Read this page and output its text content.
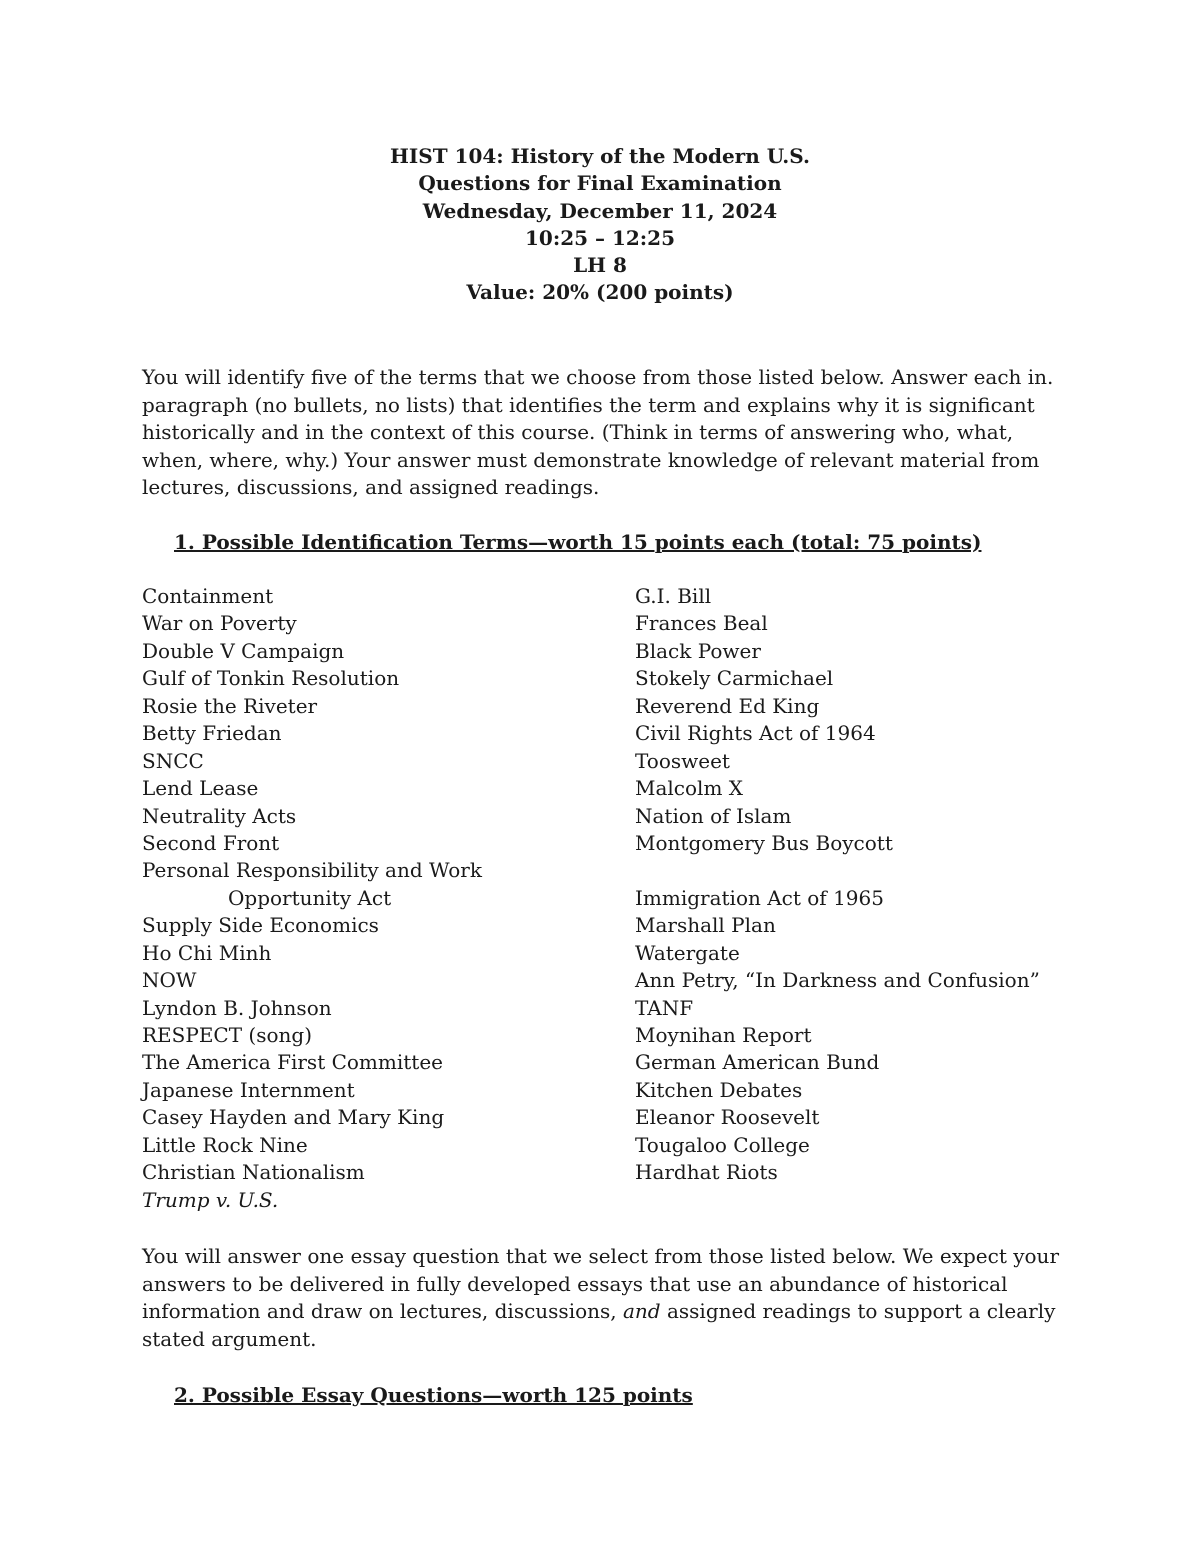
HIST 104: History of the Modern U.S.
Questions for Final Examination
Wednesday, December 11, 2024
10:25 – 12:25
LH 8
Value: 20% (200 points)
You will identify five of the terms that we choose from those listed below. Answer each in.
paragraph (no bullets, no lists) that identifies the term and explains why it is significant
historically and in the context of this course. (Think in terms of answering who, what,
when, where, why.) Your answer must demonstrate knowledge of relevant material from
lectures, discussions, and assigned readings.
1. Possible Identification Terms—worth 15 points each (total: 75 points)
Containment
War on Poverty
Double V Campaign
Gulf of Tonkin Resolution
Rosie the Riveter
Betty Friedan
SNCC
Lend Lease
Neutrality Acts
Second Front
Personal Responsibility and Work
Opportunity Act
Supply Side Economics
Ho Chi Minh
NOW
Lyndon B. Johnson
RESPECT (song)
The America First Committee
Japanese Internment
Casey Hayden and Mary King
Little Rock Nine
Christian Nationalism
Trump v. U.S.
G.I. Bill
Frances Beal
Black Power
Stokely Carmichael
Reverend Ed King
Civil Rights Act of 1964
Toosweet
Malcolm X
Nation of Islam
Montgomery Bus Boycott
Immigration Act of 1965
Marshall Plan
Watergate
Ann Petry, “In Darkness and Confusion”
TANF
Moynihan Report
German American Bund
Kitchen Debates
Eleanor Roosevelt
Tougaloo College
Hardhat Riots
You will answer one essay question that we select from those listed below. We expect your
answers to be delivered in fully developed essays that use an abundance of historical
information and draw on lectures, discussions, and assigned readings to support a clearly
stated argument.
2. Possible Essay Questions—worth 125 points
